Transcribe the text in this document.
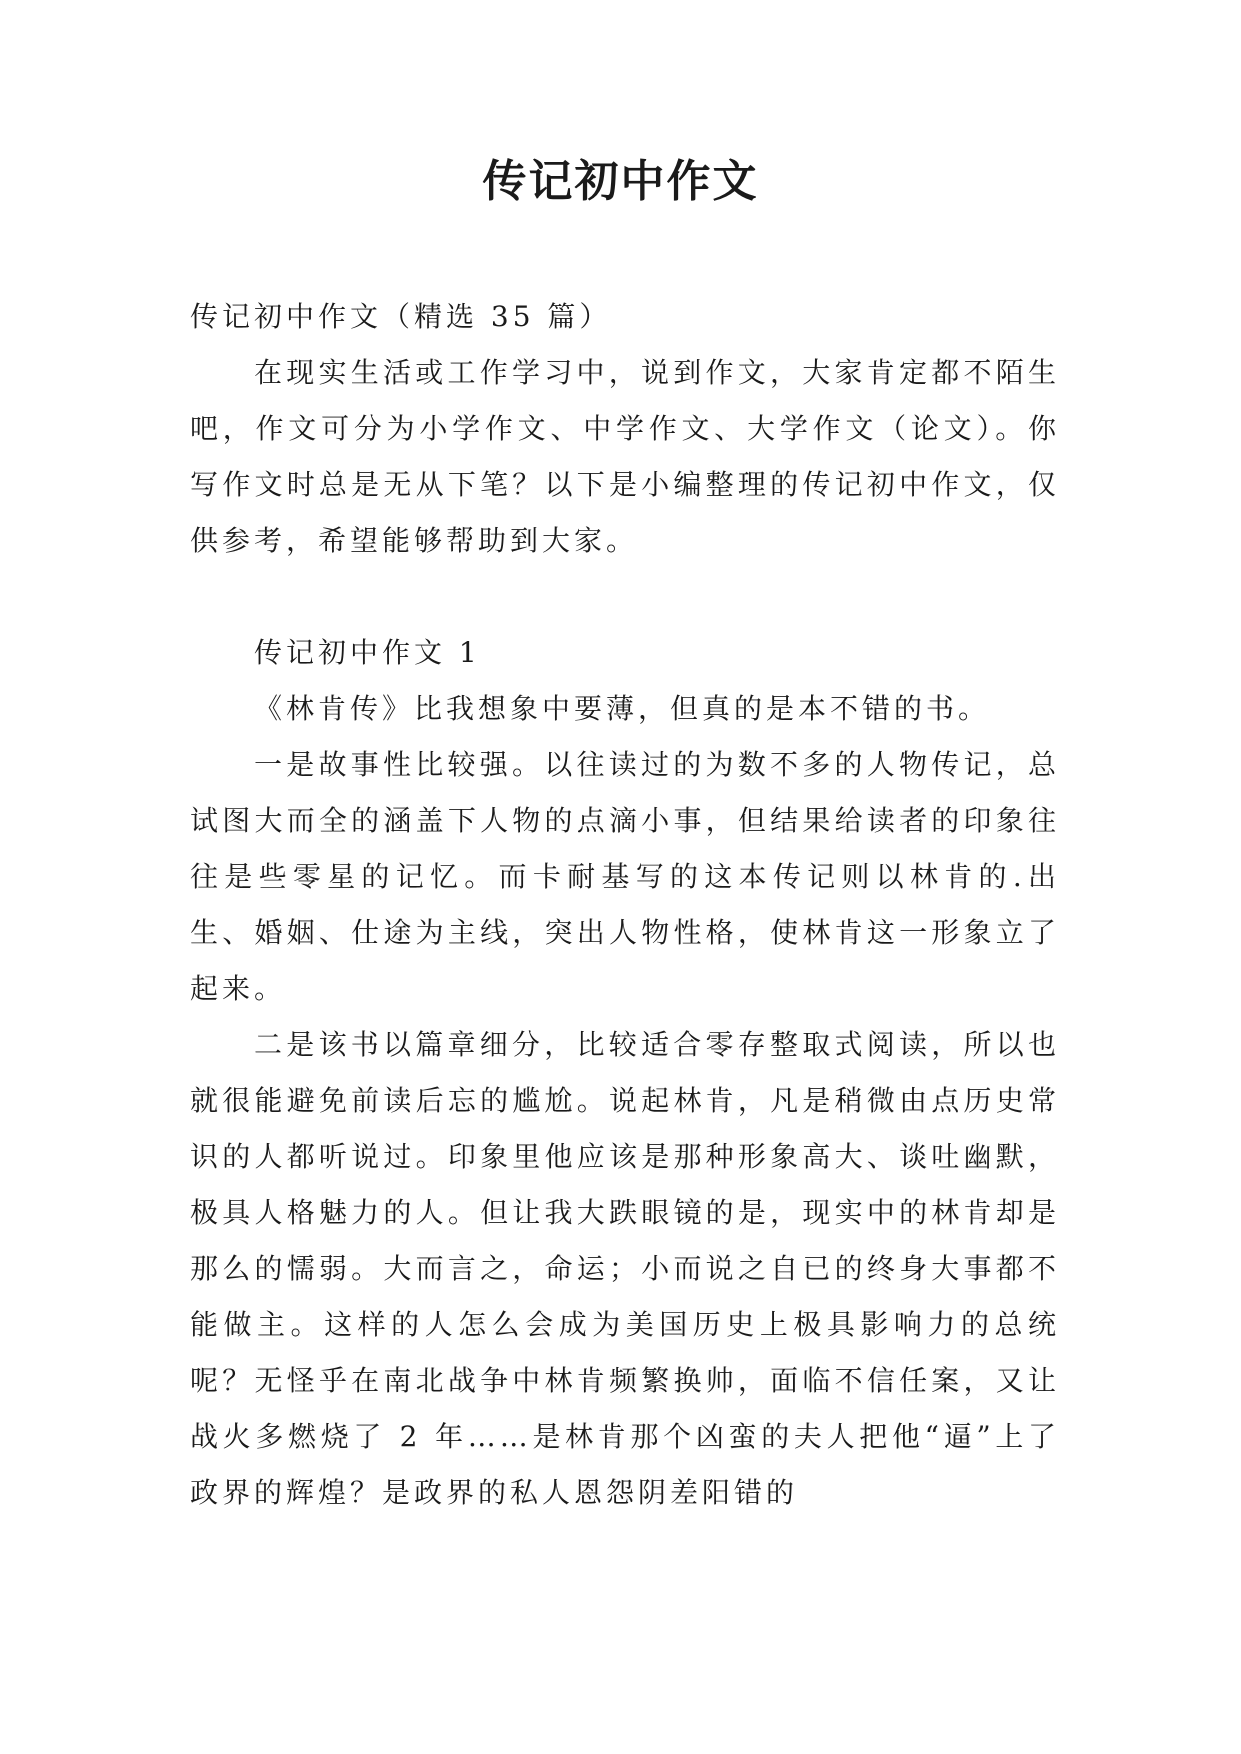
传记初中作文

传记初中作文（精选 35 篇）

在现实生活或工作学习中，说到作文，大家肯定都不陌生吧，作文可分为小学作文、中学作文、大学作文（论文）。你写作文时总是无从下笔？以下是小编整理的传记初中作文，仅供参考，希望能够帮助到大家。

传记初中作文 1

《林肯传》比我想象中要薄，但真的是本不错的书。

一是故事性比较强。以往读过的为数不多的人物传记，总试图大而全的涵盖下人物的点滴小事，但结果给读者的印象往往是些零星的记忆。而卡耐基写的这本传记则以林肯的.出生、婚姻、仕途为主线，突出人物性格，使林肯这一形象立了起来。

二是该书以篇章细分，比较适合零存整取式阅读，所以也就很能避免前读后忘的尴尬。说起林肯，凡是稍微由点历史常识的人都听说过。印象里他应该是那种形象高大、谈吐幽默，极具人格魅力的人。但让我大跌眼镜的是，现实中的林肯却是那么的懦弱。大而言之，命运；小而说之自已的终身大事都不能做主。这样的人怎么会成为美国历史上极具影响力的总统呢？无怪乎在南北战争中林肯频繁换帅，面临不信任案，又让战火多燃烧了 2 年……是林肯那个凶蛮的夫人把他“逼”上了政界的辉煌？是政界的私人恩怨阴差阳错的
